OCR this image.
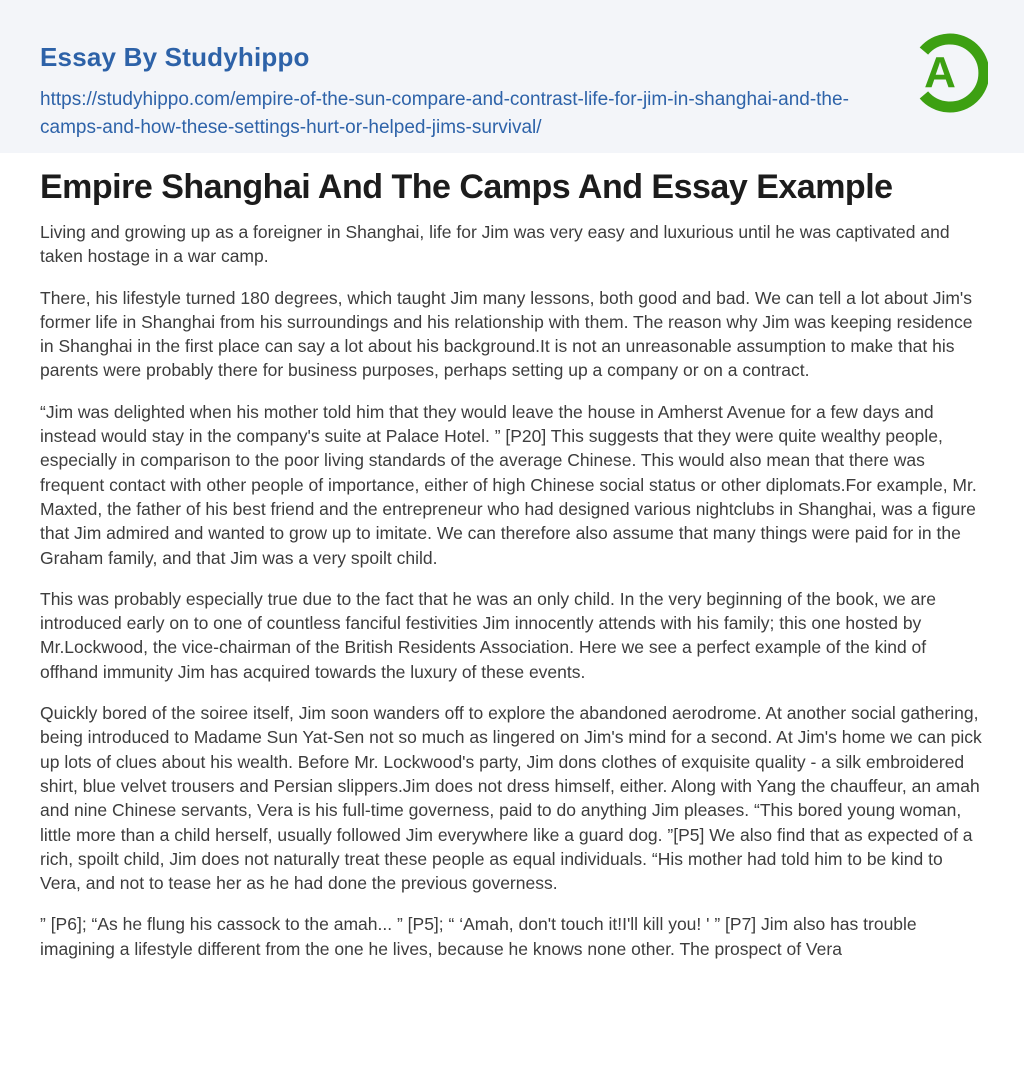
Essay By Studyhippo
https://studyhippo.com/empire-of-the-sun-compare-and-contrast-life-for-jim-in-shanghai-and-the-camps-and-how-these-settings-hurt-or-helped-jims-survival/
A
Empire Shanghai And The Camps And Essay Example

Living and growing up as a foreigner in Shanghai, life for Jim was very easy and luxurious until he was captivated and taken hostage in a war camp.

There, his lifestyle turned 180 degrees, which taught Jim many lessons, both good and bad. We can tell a lot about Jim's former life in Shanghai from his surroundings and his relationship with them. The reason why Jim was keeping residence in Shanghai in the first place can say a lot about his background.It is not an unreasonable assumption to make that his parents were probably there for business purposes, perhaps setting up a company or on a contract.

“Jim was delighted when his mother told him that they would leave the house in Amherst Avenue for a few days and instead would stay in the company's suite at Palace Hotel. ” [P20] This suggests that they were quite wealthy people, especially in comparison to the poor living standards of the average Chinese. This would also mean that there was frequent contact with other people of importance, either of high Chinese social status or other diplomats.For example, Mr. Maxted, the father of his best friend and the entrepreneur who had designed various nightclubs in Shanghai, was a figure that Jim admired and wanted to grow up to imitate. We can therefore also assume that many things were paid for in the Graham family, and that Jim was a very spoilt child.

This was probably especially true due to the fact that he was an only child. In the very beginning of the book, we are introduced early on to one of countless fanciful festivities Jim innocently attends with his family; this one hosted by Mr.Lockwood, the vice-chairman of the British Residents Association. Here we see a perfect example of the kind of offhand immunity Jim has acquired towards the luxury of these events.

Quickly bored of the soiree itself, Jim soon wanders off to explore the abandoned aerodrome. At another social gathering, being introduced to Madame Sun Yat-Sen not so much as lingered on Jim's mind for a second. At Jim's home we can pick up lots of clues about his wealth. Before Mr. Lockwood's party, Jim dons clothes of exquisite quality - a silk embroidered shirt, blue velvet trousers and Persian slippers.Jim does not dress himself, either. Along with Yang the chauffeur, an amah and nine Chinese servants, Vera is his full-time governess, paid to do anything Jim pleases. “This bored young woman, little more than a child herself, usually followed Jim everywhere like a guard dog. ”[P5] We also find that as expected of a rich, spoilt child, Jim does not naturally treat these people as equal individuals. “His mother had told him to be kind to Vera, and not to tease her as he had done the previous governess.

” [P6]; “As he flung his cassock to the amah... ” [P5]; “ ‘Amah, don't touch it!I'll kill you! ' ” [P7] Jim also has trouble imagining a lifestyle different from the one he lives, because he knows none other. The prospect of Vera
